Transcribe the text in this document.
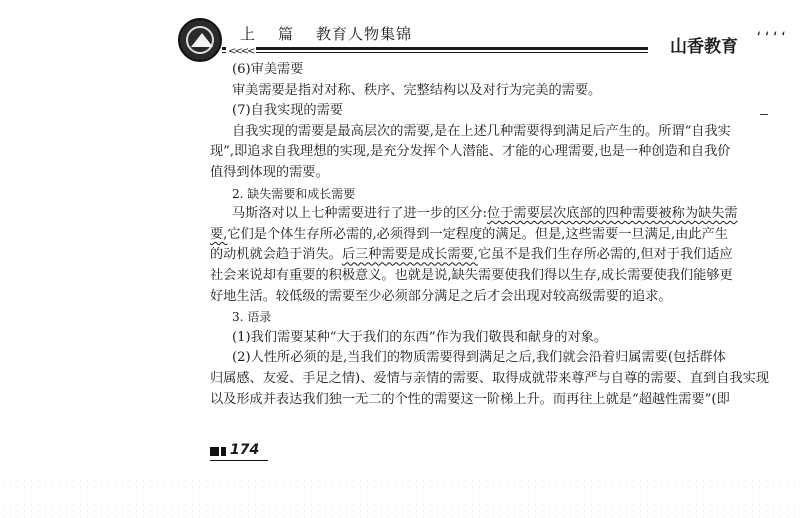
上 篇 教育人物集锦
<<<<	山香教育 ‘‘‘‘
(6)审美需要
审美需要是指对对称、秩序、完整结构以及对行为完美的需要。
(7)自我实现的需要
自我实现的需要是最高层次的需要,是在上述几种需要得到满足后产生的。所谓“自我实
现”,即追求自我理想的实现,是充分发挥个人潜能、才能的心理需要,也是一种创造和自我价
值得到体现的需要。
2. 缺失需要和成长需要
马斯洛对以上七种需要进行了进一步的区分:位于需要层次底部的四种需要被称为缺失需
要,它们是个体生存所必需的,必须得到一定程度的满足。但是,这些需要一旦满足,由此产生
的动机就会趋于消失。后三种需要是成长需要,它虽不是我们生存所必需的,但对于我们适应
社会来说却有重要的积极意义。也就是说,缺失需要使我们得以生存,成长需要使我们能够更
好地生活。较低级的需要至少必须部分满足之后才会出现对较高级需要的追求。
3. 语录
(1)我们需要某种“大于我们的东西”作为我们敬畏和献身的对象。
(2)人性所必须的是,当我们的物质需要得到满足之后,我们就会沿着归属需要(包括群体
归属感、友爱、手足之情)、爱情与亲情的需要、取得成就带来尊严与自尊的需要、直到自我实现
以及形成并表达我们独一无二的个性的需要这一阶梯上升。而再往上就是“超越性需要”(即
174
